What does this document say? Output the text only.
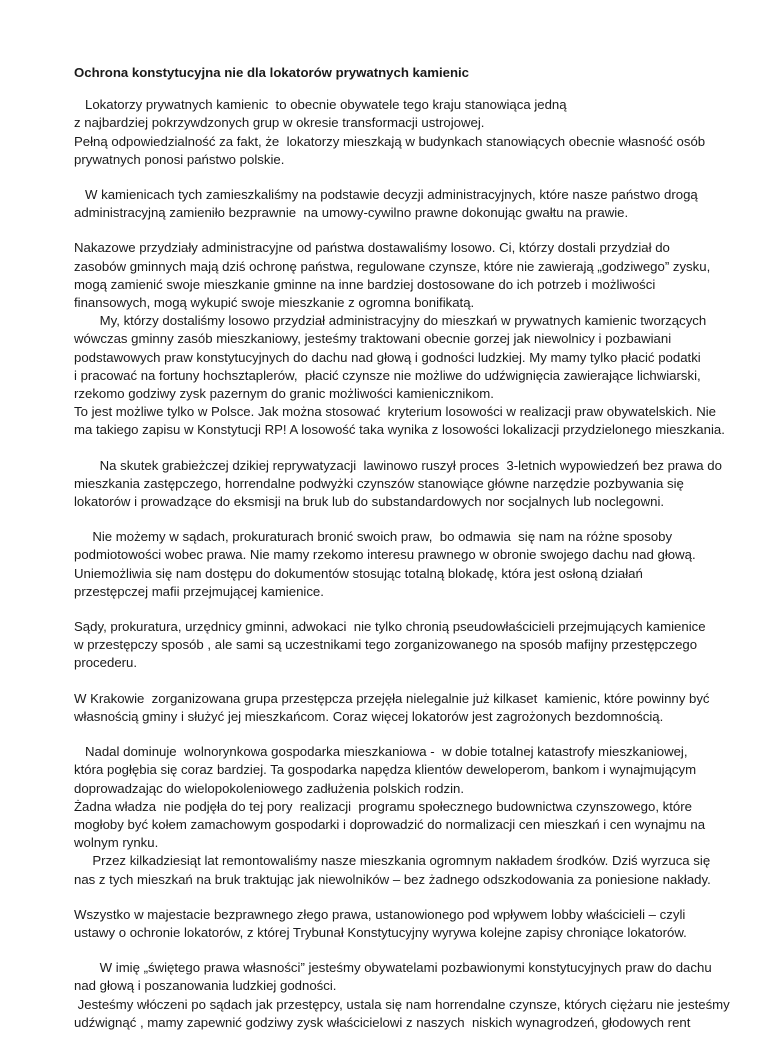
Ochrona konstytucyjna nie dla lokatorów prywatnych kamienic
Lokatorzy prywatnych kamienic  to obecnie obywatele tego kraju stanowiąca jedną
z najbardziej pokrzywdzonych grup w okresie transformacji ustrojowej.
Pełną odpowiedzialność za fakt, że  lokatorzy mieszkają w budynkach stanowiących obecnie własność osób
prywatnych ponosi państwo polskie.
W kamienicach tych zamieszkaliśmy na podstawie decyzji administracyjnych, które nasze państwo drogą
administracyjną zamieniło bezprawnie  na umowy-cywilno prawne dokonując gwałtu na prawie.
Nakazowe przydziały administracyjne od państwa dostawaliśmy losowo. Ci, którzy dostali przydział do
zasobów gminnych mają dziś ochronę państwa, regulowane czynsze, które nie zawierają „godziwego” zysku,
mogą zamienić swoje mieszkanie gminne na inne bardziej dostosowane do ich potrzeb i możliwości
finansowych, mogą wykupić swoje mieszkanie z ogromna bonifikatą.
My, którzy dostaliśmy losowo przydział administracyjny do mieszkań w prywatnych kamienic tworzących
wówczas gminny zasób mieszkaniowy, jesteśmy traktowani obecnie gorzej jak niewolnicy i pozbawiani
podstawowych praw konstytucyjnych do dachu nad głową i godności ludzkiej. My mamy tylko płacić podatki
i pracować na fortuny hochsztaplerów,  płacić czynsze nie możliwe do udźwignięcia zawierające lichwiarski,
rzekomo godziwy zysk pazernym do granic możliwości kamienicznikom.
To jest możliwe tylko w Polsce. Jak można stosować  kryterium losowości w realizacji praw obywatelskich. Nie
ma takiego zapisu w Konstytucji RP! A losowość taka wynika z losowości lokalizacji przydzielonego mieszkania.
Na skutek grabieżczej dzikiej reprywatyzacji  lawinowo ruszył proces  3-letnich wypowiedzeń bez prawa do
mieszkania zastępczego, horrendalne podwyżki czynszów stanowiące główne narzędzie pozbywania się
lokatorów i prowadzące do eksmisji na bruk lub do substandardowych nor socjalnych lub noclegowni.
Nie możemy w sądach, prokuraturach bronić swoich praw,  bo odmawia  się nam na różne sposoby
podmiotowości wobec prawa. Nie mamy rzekomo interesu prawnego w obronie swojego dachu nad głową.
Uniemożliwia się nam dostępu do dokumentów stosując totalną blokadę, która jest osłoną działań
przestępczej mafii przejmującej kamienice.
Sądy, prokuratura, urzędnicy gminni, adwokaci  nie tylko chronią pseudowłaścicieli przejmujących kamienice
w przestępczy sposób , ale sami są uczestnikami tego zorganizowanego na sposób mafijny przestępczego
procederu.
W Krakowie  zorganizowana grupa przestępcza przejęła nielegalnie już kilkaset  kamienic, które powinny być
własnością gminy i służyć jej mieszkańcom. Coraz więcej lokatorów jest zagrożonych bezdomnością.
Nadal dominuje  wolnorynkowa gospodarka mieszkaniowa -  w dobie totalnej katastrofy mieszkaniowej,
która pogłębia się coraz bardziej. Ta gospodarka napędza klientów deweloperom, bankom i wynajmującym
doprowadzając do wielopokoleniowego zadłużenia polskich rodzin.
Żadna władza  nie podjęła do tej pory  realizacji  programu społecznego budownictwa czynszowego, które
mogłoby być kołem zamachowym gospodarki i doprowadzić do normalizacji cen mieszkań i cen wynajmu na
wolnym rynku.
Przez kilkadziesiąt lat remontowaliśmy nasze mieszkania ogromnym nakładem środków. Dziś wyrzuca się
nas z tych mieszkań na bruk traktując jak niewolników – bez żadnego odszkodowania za poniesione nakłady.
Wszystko w majestacie bezprawnego złego prawa, ustanowionego pod wpływem lobby właścicieli – czyli
ustawy o ochronie lokatorów, z której Trybunał Konstytucyjny wyrywa kolejne zapisy chroniące lokatorów.
W imię „świętego prawa własności” jesteśmy obywatelami pozbawionymi konstytucyjnych praw do dachu
nad głową i poszanowania ludzkiej godności.
Jesteśmy włóczeni po sądach jak przestępcy, ustala się nam horrendalne czynsze, których ciężaru nie jesteśmy
udźwignąć , mamy zapewnić godziwy zysk właścicielowi z naszych  niskich wynagrodzeń, głodowych rent
